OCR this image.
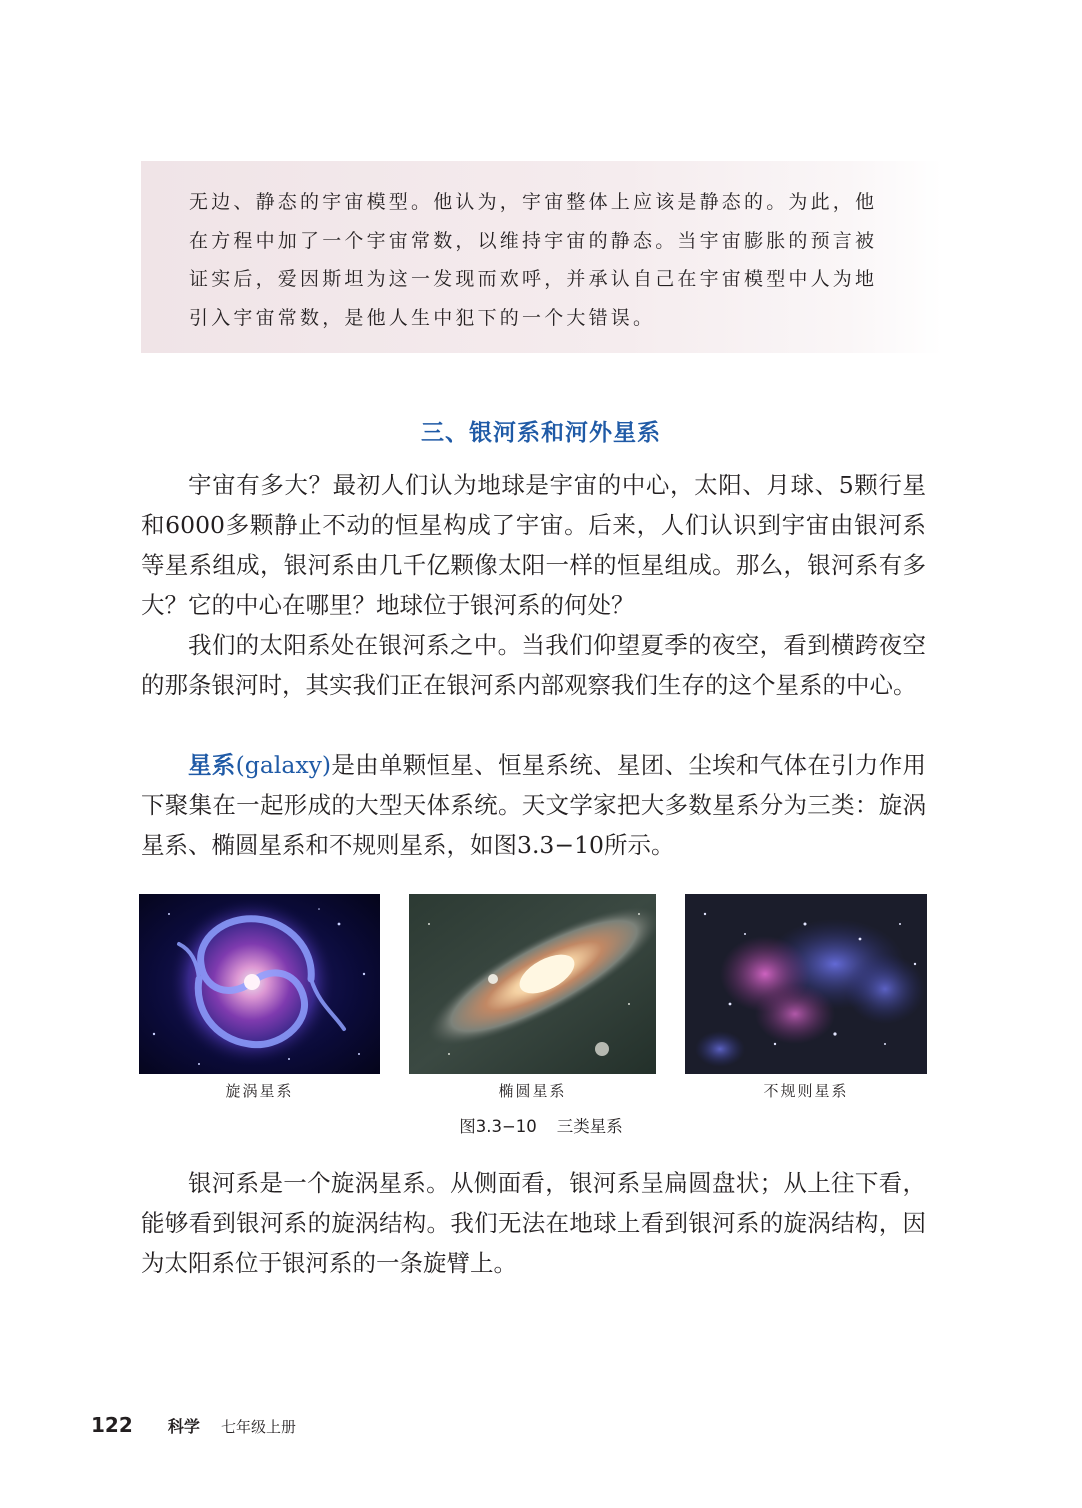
无边、静态的宇宙模型。他认为，宇宙整体上应该是静态的。为此，他在方程中加了一个宇宙常数，以维持宇宙的静态。当宇宙膨胀的预言被证实后，爱因斯坦为这一发现而欢呼，并承认自己在宇宙模型中人为地引入宇宙常数，是他人生中犯下的一个大错误。

三、银河系和河外星系

宇宙有多大？最初人们认为地球是宇宙的中心，太阳、月球、5颗行星和6000多颗静止不动的恒星构成了宇宙。后来，人们认识到宇宙由银河系等星系组成，银河系由几千亿颗像太阳一样的恒星组成。那么，银河系有多大？它的中心在哪里？地球位于银河系的何处？

我们的太阳系处在银河系之中。当我们仰望夏季的夜空，看到横跨夜空的那条银河时，其实我们正在银河系内部观察我们生存的这个星系的中心。

星系(galaxy)是由单颗恒星、恒星系统、星团、尘埃和气体在引力作用下聚集在一起形成的大型天体系统。天文学家把大多数星系分为三类：旋涡星系、椭圆星系和不规则星系，如图3.3−10所示。

旋涡星系	椭圆星系	不规则星系

图3.3−10 三类星系

银河系是一个旋涡星系。从侧面看，银河系呈扁圆盘状；从上往下看，能够看到银河系的旋涡结构。我们无法在地球上看到银河系的旋涡结构，因为太阳系位于银河系的一条旋臂上。

122 科学 七年级上册
